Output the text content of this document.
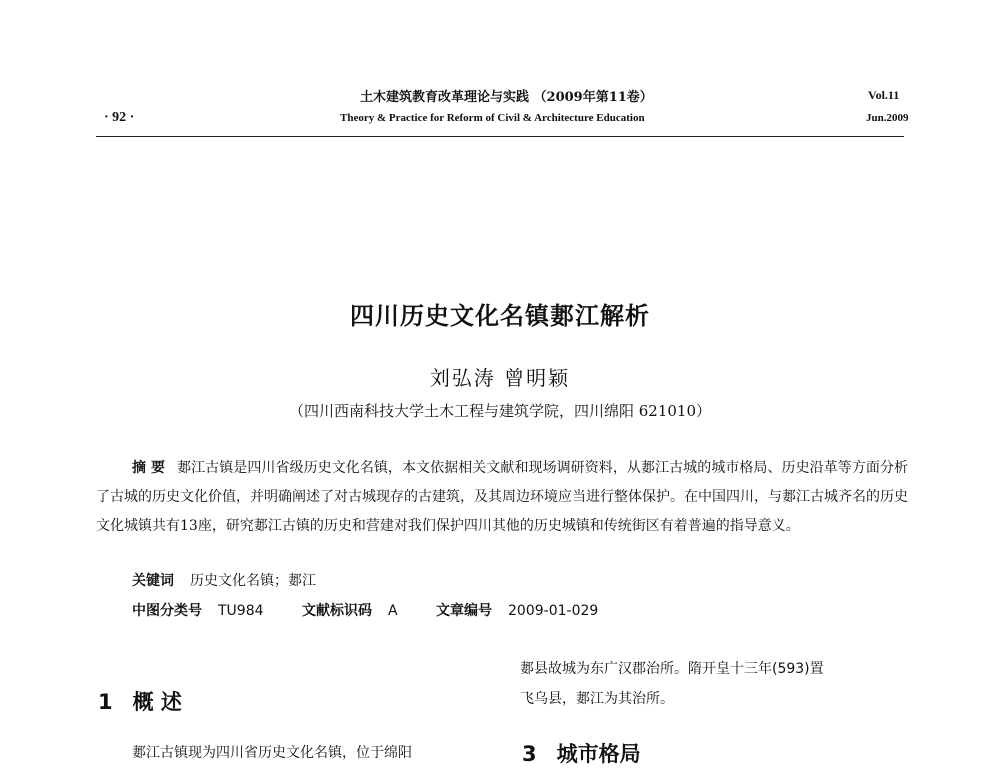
土木建筑教育改革理论与实践 （2009年第11卷）
Theory & Practice for Reform of Civil & Architecture Education
· 92 ·
Vol.11
Jun.2009
四川历史文化名镇郪江解析
刘弘涛 曾明颖
（四川西南科技大学土木工程与建筑学院，四川绵阳 621010）
摘 要 郪江古镇是四川省级历史文化名镇，本文依据相关文献和现场调研资料，从郪江古城的城市格局、历史沿革等方面分析了古城的历史文化价值，并明确阐述了对古城现存的古建筑，及其周边环境应当进行整体保护。在中国四川，与郪江古城齐名的历史文化城镇共有13座，研究郪江古镇的历史和营建对我们保护四川其他的历史城镇和传统街区有着普遍的指导意义。
关键词 历史文化名镇；郪江
中图分类号 TU984	文献标识码 A	文章编号 2009-01-029
郪县故城为东广汉郡治所。隋开皇十三年(593)置
飞乌县，郪江为其治所。
1 概 述
3 城市格局
郪江古镇现为四川省历史文化名镇，位于绵阳
